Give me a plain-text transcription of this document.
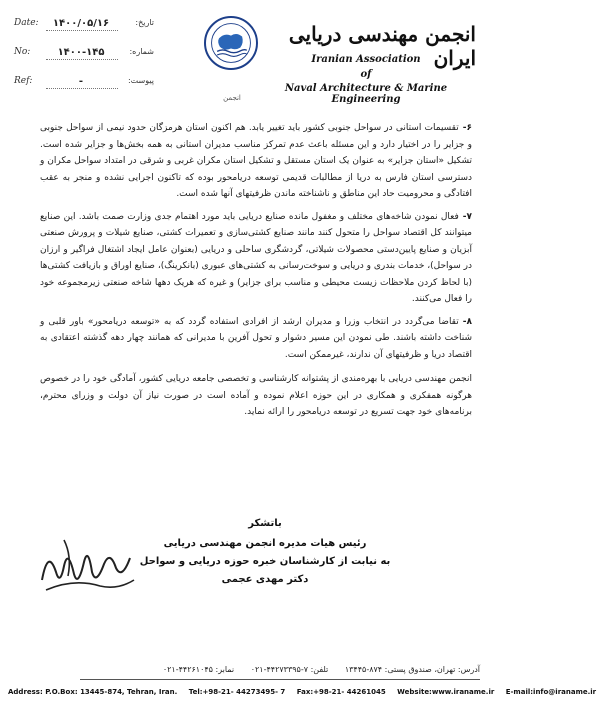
Date: ۱۴۰۰/۰۵/۱۶	تاریخ:
No:	۱۴۰۰-۱۴۵	شماره:
Ref:	-	پیوست:
انجمن
انجمن مهندسی دریایی ایران
Iranian Association
of
Naval Architecture & Marine Engineering

۶-تقسیمات استانی در سواحل جنوبی کشور باید تغییر یابد. هم اکنون استان هرمزگان حدود نیمی از سواحل جنوبی و جزایر را در اختیار دارد و این مسئله باعث عدم تمرکز مناسب مدیران استانی به همه بخش‌ها و جزایر شده است. تشکیل «استان جزایر» به عنوان یک استان مستقل و تشکیل استان مکران غربی و شرقی در امتداد سواحل مکران و دسترسی استان فارس به دریا از مطالبات قدیمی توسعه دریامحور بوده که تاکنون اجرایی نشده و منجر به عقب افتادگی و محرومیت حاد این مناطق و ناشناخته ماندن ظرفیتهای آنها شده است.

۷-فعال نمودن شاخه‌های مختلف و مغفول مانده صنایع دریایی باید مورد اهتمام جدی وزارت صمت باشد. این صنایع میتوانند کل اقتصاد سواحل را متحول کنند مانند صنایع کشتی‌سازی و تعمیرات کشتی، صنایع شیلات و پرورش صنعتی آبزیان و صنایع پایین‌دستی محصولات شیلاتی، گردشگری ساحلی و دریایی (بعنوان عامل ایجاد اشتغال فراگیر و ارزان در سواحل)، خدمات بندری و دریایی و سوخت‌رسانی به کشتی‌های عبوری (بانکرینگ)، صنایع اوراق و بازیافت کشتی‌ها (با لحاظ کردن ملاحظات زیست محیطی و مناسب برای جزایر) و غیره که هریک دهها شاخه صنعتی زیرمجموعه خود را فعال می‌کنند.

۸-تقاضا می‌گردد در انتخاب وزرا و مدیران ارشد از افرادی استفاده گردد که به «توسعه دریامحور» باور قلبی و شناخت داشته باشند. طی نمودن این مسیر دشوار و تحول آفرین با مدیرانی که همانند چهار دهه گذشته اعتقادی به اقتصاد دریا و ظرفیتهای آن ندارند، غیرممکن است.

انجمن مهندسی دریایی با بهره‌مندی از پشتوانه کارشناسی و تخصصی جامعه دریایی کشور، آمادگی خود را در خصوص هرگونه همفکری و همکاری در این حوزه اعلام نموده و آماده است در صورت نیاز آن دولت و وزرای محترم، برنامه‌های خود جهت تسریع در توسعه دریامحور را ارائه نماید.

باتشکر
رئیس هیات مدیره انجمن مهندسی دریایی
به نیابت از کارشناسان خبره حوزه دریایی و سواحل
دکتر مهدی عجمی
آدرس: تهران، صندوق پستی: ۸۷۴-۱۳۴۴۵ تلفن: ۷-۴۴۲۷۳۳۹۵-۰۲۱ نمابر: ۴۴۲۶۱۰۴۵-۰۲۱
Address: P.O.Box: 13445-874, Tehran, Iran. Tel:+98-21- 44273495- 7 Fax:+98-21- 44261045 Website:www.iraname.ir E-mail:info@iraname.ir
